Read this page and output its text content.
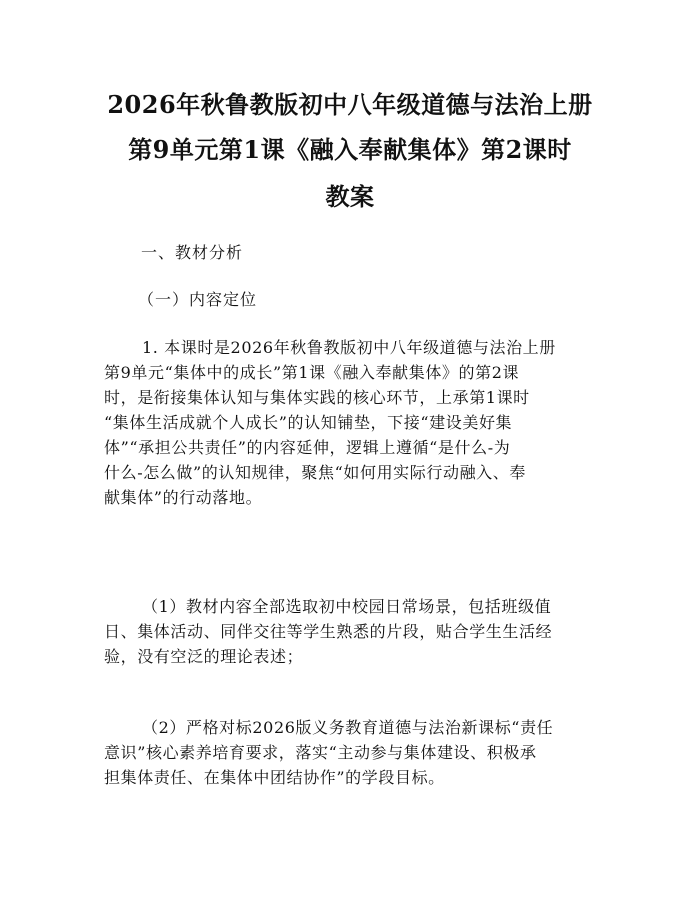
2026年秋鲁教版初中八年级道德与法治上册
第9单元第1课《融入奉献集体》第2课时
教案
一、教材分析
（一）内容定位
1. 本课时是2026年秋鲁教版初中八年级道德与法治上册
第9单元“集体中的成长”第1课《融入奉献集体》的第2课
时，是衔接集体认知与集体实践的核心环节，上承第1课时
“集体生活成就个人成长”的认知铺垫，下接“建设美好集
体”“承担公共责任”的内容延伸，逻辑上遵循“是什么-为
什么-怎么做”的认知规律，聚焦“如何用实际行动融入、奉
献集体”的行动落地。
（1）教材内容全部选取初中校园日常场景，包括班级值
日、集体活动、同伴交往等学生熟悉的片段，贴合学生生活经
验，没有空泛的理论表述；
（2）严格对标2026版义务教育道德与法治新课标“责任
意识”核心素养培育要求，落实“主动参与集体建设、积极承
担集体责任、在集体中团结协作”的学段目标。
